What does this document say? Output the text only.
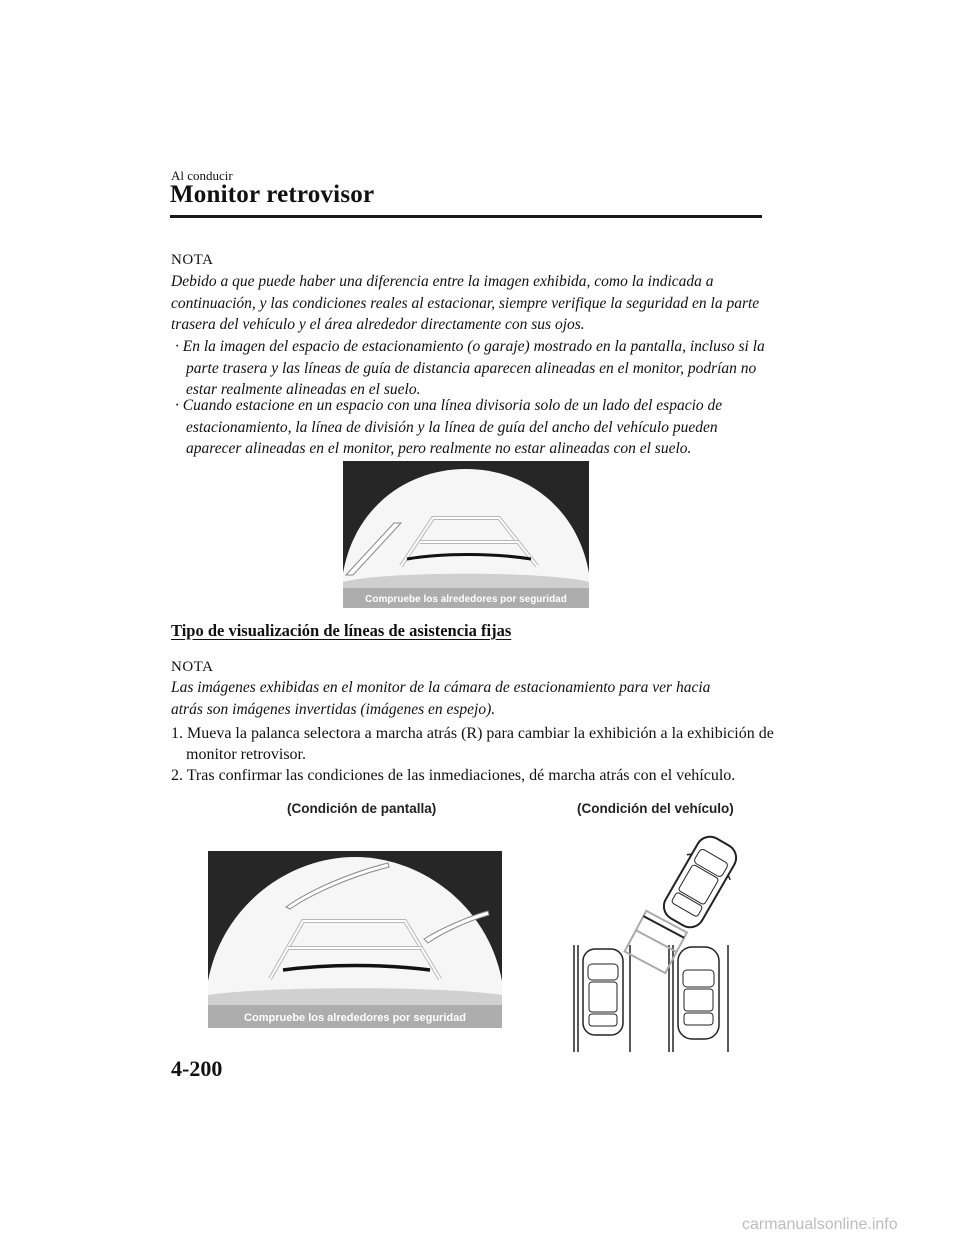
Al conducir
Monitor retrovisor
NOTA
Debido a que puede haber una diferencia entre la imagen exhibida, como la indicada a continuación, y las condiciones reales al estacionar, siempre verifique la seguridad en la parte trasera del vehículo y el área alrededor directamente con sus ojos.
· En la imagen del espacio de estacionamiento (o garaje) mostrado en la pantalla, incluso si la parte trasera y las líneas de guía de distancia aparecen alineadas en el monitor, podrían no estar realmente alineadas en el suelo.
· Cuando estacione en un espacio con una línea divisoria solo de un lado del espacio de estacionamiento, la línea de división y la línea de guía del ancho del vehículo pueden aparecer alineadas en el monitor, pero realmente no estar alineadas con el suelo.
Compruebe los alrededores por seguridad
Tipo de visualización de líneas de asistencia fijas
NOTA
Las imágenes exhibidas en el monitor de la cámara de estacionamiento para ver hacia atrás son imágenes invertidas (imágenes en espejo).
1. Mueva la palanca selectora a marcha atrás (R) para cambiar la exhibición a la exhibición de monitor retrovisor.
2. Tras confirmar las condiciones de las inmediaciones, dé marcha atrás con el vehículo.
(Condición de pantalla)	(Condición del vehículo)
Compruebe los alrededores por seguridad
4-200
carmanualsonline.info
